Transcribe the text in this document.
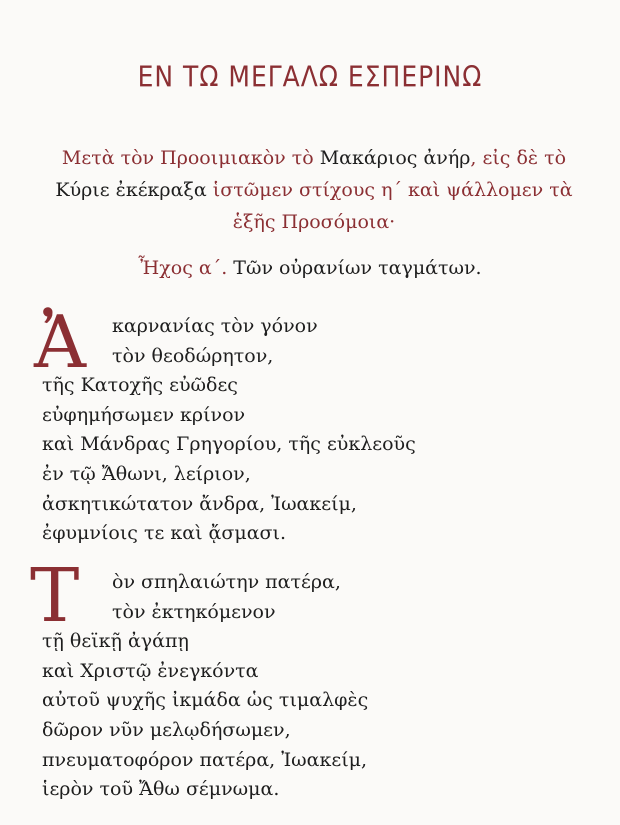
ΕΝ ΤΩ ΜΕΓΑΛΩ ΕΣΠΕΡΙΝΩ
Μετὰ τὸν Προοιμιακὸν τὸ Μακάριος ἀνήρ, εἰς δὲ τὸ
Κύριε ἐκέκραξα ἱστῶμεν στίχους η΄ καὶ ψάλλομεν τὰ
ἑξῆς Προσόμοια·
Ἦχος α΄. Τῶν οὐρανίων ταγμάτων.
Ἀ	καρνανίας τὸν γόνον
τὸν θεοδώρητον,
τῆς Κατοχῆς εὐῶδες
εὐφημήσωμεν κρίνον
καὶ Μάνδρας Γρηγορίου, τῆς εὐκλεοῦς
ἐν τῷ Ἄθωνι, λείριον,
ἀσκητικώτατον ἄνδρα, Ἰωακείμ,
ἐφυμνίοις τε καὶ ᾄσμασι.
Τ	ὸν σπηλαιώτην πατέρα,
τὸν ἐκτηκόμενον
τῇ θεϊκῇ ἀγάπῃ
καὶ Χριστῷ ἐνεγκόντα
αὐτοῦ ψυχῆς ἰκμάδα ὡς τιμαλφὲς
δῶρον νῦν μελῳδήσωμεν,
πνευματοφόρον πατέρα, Ἰωακείμ,
ἱερὸν τοῦ Ἄθω σέμνωμα.
